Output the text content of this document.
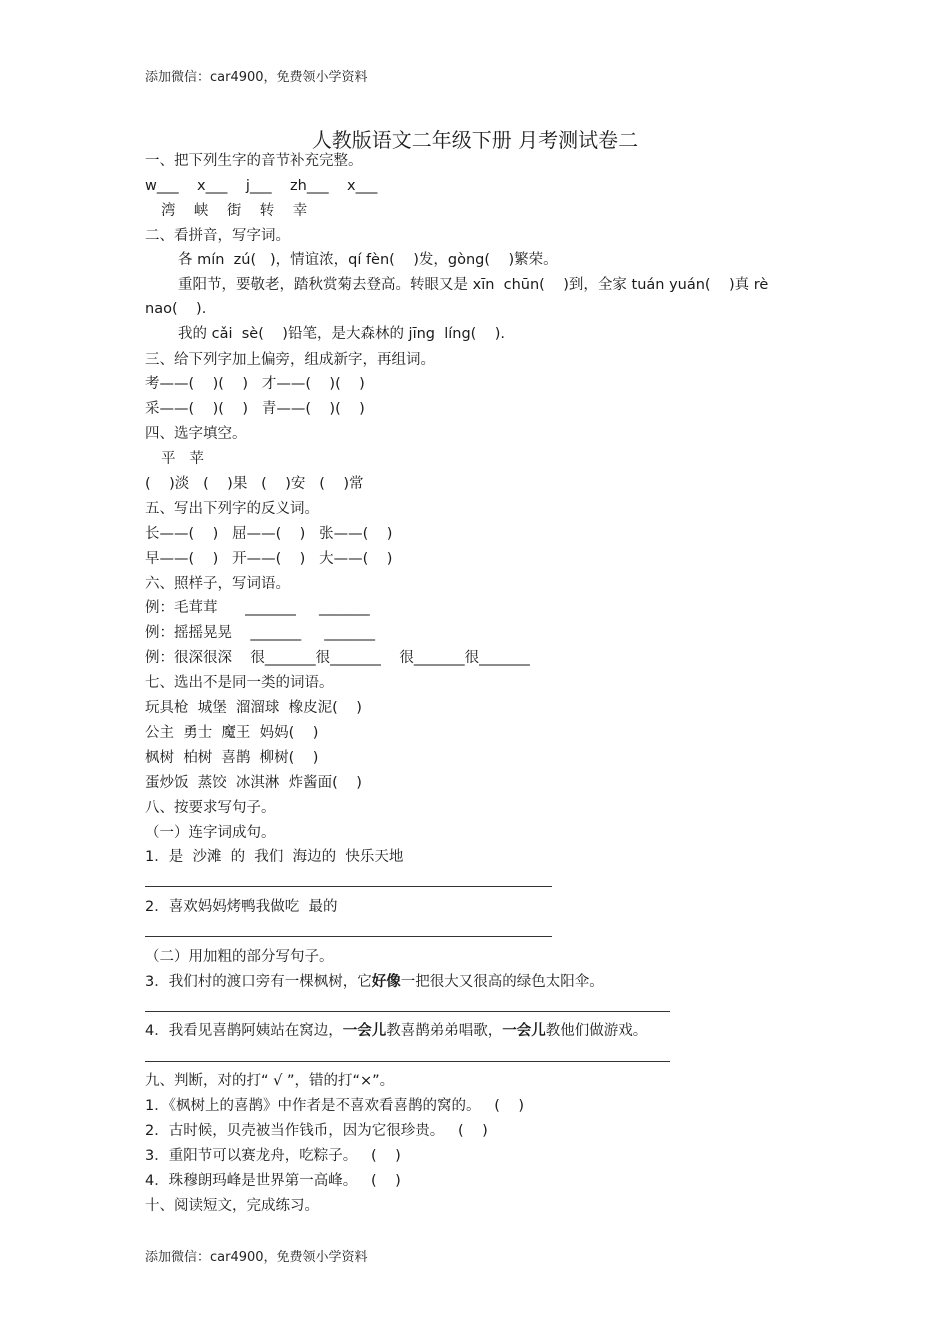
添加微信：car4900，免费领小学资料
人教版语文二年级下册 月考测试卷二
一、把下列生字的音节补充完整。
w___    x___    j___    zh___    x___
湾    峡    街    转    幸
二、看拼音，写字词。
各 mín  zú(   )，情谊浓，qí fèn(    )发，gòng(    )繁荣。
重阳节，要敬老，踏秋赏菊去登高。转眼又是 xīn  chūn(    )到，全家 tuán yuán(    )真 rè
nao(    ).
我的 cǎi  sè(    )铅笔，是大森林的 jīng  líng(    ).
三、给下列字加上偏旁，组成新字，再组词。
考——(    )(    )   才——(    )(    )
采——(    )(    )   青——(    )(    )
四、选字填空。
平   苹
(    )淡   (    )果   (    )安   (    )常
五、写出下列字的反义词。
长——(    )   屈——(    )   张——(    )
早——(    )   开——(    )   大——(    )
六、照样子，写词语。
例：毛茸茸      _______     _______
例：摇摇晃晃    _______     _______
例：很深很深    很_______很_______    很_______很_______
七、选出不是同一类的词语。
玩具枪  城堡  溜溜球  橡皮泥(    )
公主  勇士  魔王  妈妈(    )
枫树  柏树  喜鹊  柳树(    )
蛋炒饭  蒸饺  冰淇淋  炸酱面(    )
八、按要求写句子。
（一）连字词成句。
1．是  沙滩  的  我们  海边的  快乐天地
2．喜欢妈妈烤鸭我做吃  最的
（二）用加粗的部分写句子。
3．我们村的渡口旁有一棵枫树，它好像一把很大又很高的绿色太阳伞。
4．我看见喜鹊阿姨站在窝边，一会儿教喜鹊弟弟唱歌，一会儿教他们做游戏。
九、判断，对的打“ √ ”，错的打“×”。
1．《枫树上的喜鹊》中作者是不喜欢看喜鹊的窝的。   (    )
2．古时候，贝壳被当作钱币，因为它很珍贵。   (    )
3．重阳节可以赛龙舟，吃粽子。   (    )
4．珠穆朗玛峰是世界第一高峰。   (    )
十、阅读短文，完成练习。
添加微信：car4900，免费领小学资料
